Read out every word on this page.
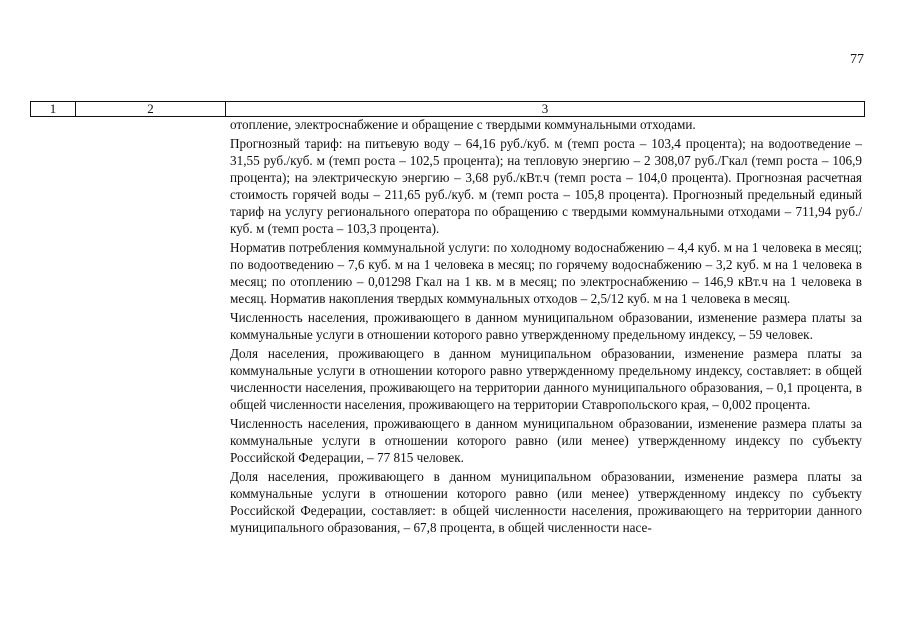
77
1	2	3

отопление, электроснабжение и обращение с твердыми коммунальными отходами.

Прогнозный тариф: на питьевую воду – 64,16 руб./куб. м (темп роста – 103,4 процента); на водоотведение – 31,55 руб./куб. м (темп роста – 102,5 процента); на тепловую энергию – 2 308,07 руб./Гкал (темп роста – 106,9 процента); на электрическую энергию – 3,68 руб./кВт.ч (темп роста – 104,0 процента). Прогнозная расчетная стоимость горячей воды – 211,65 руб./куб. м (темп роста – 105,8 процента). Прогнозный предельный единый тариф на услугу регионального оператора по обращению с твердыми коммунальными отходами – 711,94 руб./куб. м (темп роста – 103,3 процента).

Норматив потребления коммунальной услуги: по холодному водоснабжению – 4,4 куб. м на 1 человека в месяц; по водоотведению – 7,6 куб. м на 1 человека в месяц; по горячему водоснабжению – 3,2 куб. м на 1 человека в месяц; по отоплению – 0,01298 Гкал на 1 кв. м в месяц; по электроснабжению – 146,9 кВт.ч на 1 человека в месяц. Норматив накопления твердых коммунальных отходов – 2,5/12 куб. м на 1 человека в месяц.

Численность населения, проживающего в данном муниципальном образовании, изменение размера платы за коммунальные услуги в отношении которого равно утвержденному предельному индексу, – 59 человек.

Доля населения, проживающего в данном муниципальном образовании, изменение размера платы за коммунальные услуги в отношении которого равно утвержденному предельному индексу, составляет: в общей численности населения, проживающего на территории данного муниципального образования, – 0,1 процента, в общей численности населения, проживающего на территории Ставропольского края, – 0,002 процента.

Численность населения, проживающего в данном муниципальном образовании, изменение размера платы за коммунальные услуги в отношении которого равно (или менее) утвержденному индексу по субъекту Российской Федерации, – 77 815 человек.

Доля населения, проживающего в данном муниципальном образовании, изменение размера платы за коммунальные услуги в отношении которого равно (или менее) утвержденному индексу по субъекту Российской Федерации, составляет: в общей численности населения, проживающего на территории данного муниципального образования, – 67,8 процента, в общей численности насе-
